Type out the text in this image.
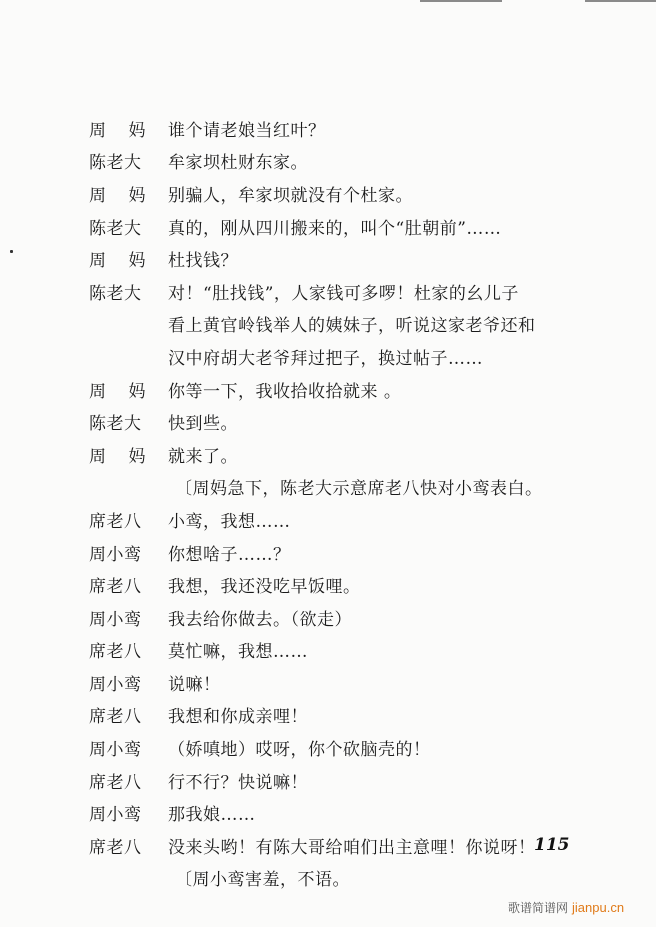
周 妈 谁个请老娘当红叶？
陈老大 牟家坝杜财东家。
周 妈 别骗人，牟家坝就没有个杜家。
陈老大 真的，刚从四川搬来的，叫个“肚朝前”……
周 妈 杜找钱？
陈老大 对！“肚找钱”，人家钱可多啰！杜家的幺儿子
看上黄官岭钱举人的姨妹子，听说这家老爷还和
汉中府胡大老爷拜过把子，换过帖子……
周 妈 你等一下，我收拾收拾就来 。
陈老大 快到些。
周 妈 就来了。
〔周妈急下，陈老大示意席老八快对小鸾表白。
席老八 小鸾，我想……
周小鸾 你想啥子……？
席老八 我想，我还没吃早饭哩。
周小鸾 我去给你做去。（欲走）
席老八 莫忙嘛，我想……
周小鸾 说嘛！
席老八 我想和你成亲哩！
周小鸾 （娇嗔地）哎呀，你个砍脑壳的！
席老八 行不行？快说嘛！
周小鸾 那我娘……
席老八 没来头哟！有陈大哥给咱们出主意哩！你说呀！
〔周小鸾害羞，不语。
115
歌谱简谱网 jianpu.cn
